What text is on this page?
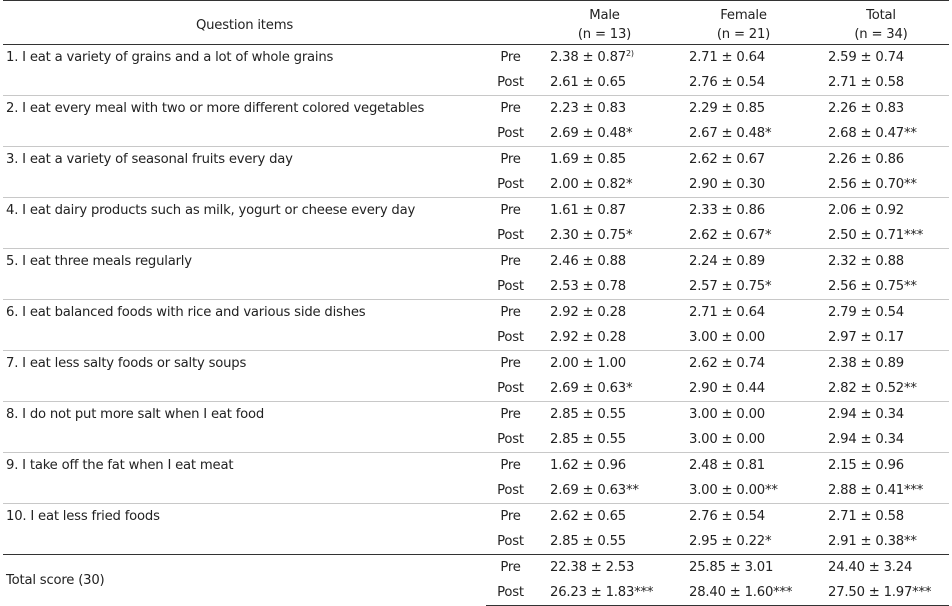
Question items		Male	Female	Total
		(n = 13)	(n = 21)	(n = 34)
1. I eat a variety of grains and a lot of whole grains	Pre	$2.38 \pm 0.87^{2)}$	2.71 ± 0.64	2.59 ± 0.74
	Post	2.61 ± 0.65	2.76 ± 0.54	2.71 ± 0.58
2. I eat every meal with two or more different colored vegetables	Pre	2.23 ± 0.83	2.29 ± 0.85	2.26 ± 0.83
	Post	2.69 ± 0.48*	2.67 ± 0.48*	2.68 ± 0.47**
3. I eat a variety of seasonal fruits every day	Pre	1.69 ± 0.85	2.62 ± 0.67	2.26 ± 0.86
	Post	2.00 ± 0.82*	2.90 ± 0.30	2.56 ± 0.70**
4. I eat dairy products such as milk, yogurt or cheese every day	Pre	1.61 ± 0.87	2.33 ± 0.86	2.06 ± 0.92
	Post	2.30 ± 0.75*	2.62 ± 0.67*	2.50 ± 0.71***
5. I eat three meals regularly	Pre	2.46 ± 0.88	2.24 ± 0.89	2.32 ± 0.88
	Post	2.53 ± 0.78	2.57 ± 0.75*	2.56 ± 0.75**
6. I eat balanced foods with rice and various side dishes	Pre	2.92 ± 0.28	2.71 ± 0.64	2.79 ± 0.54
	Post	2.92 ± 0.28	3.00 ± 0.00	2.97 ± 0.17
7. I eat less salty foods or salty soups	Pre	2.00 ± 1.00	2.62 ± 0.74	2.38 ± 0.89
	Post	2.69 ± 0.63*	2.90 ± 0.44	2.82 ± 0.52**
8. I do not put more salt when I eat food	Pre	2.85 ± 0.55	3.00 ± 0.00	2.94 ± 0.34
	Post	2.85 ± 0.55	3.00 ± 0.00	2.94 ± 0.34
9. I take off the fat when I eat meat	Pre	1.62 ± 0.96	2.48 ± 0.81	2.15 ± 0.96
	Post	2.69 ± 0.63**	3.00 ± 0.00**	2.88 ± 0.41***
10. I eat less fried foods	Pre	2.62 ± 0.65	2.76 ± 0.54	2.71 ± 0.58
	Post	2.85 ± 0.55	2.95 ± 0.22*	2.91 ± 0.38**
Total score (30)	Pre	22.38 ± 2.53	25.85 ± 3.01	24.40 ± 3.24
	Post	26.23 ± 1.83***	28.40 ± 1.60***	27.50 ± 1.97***
